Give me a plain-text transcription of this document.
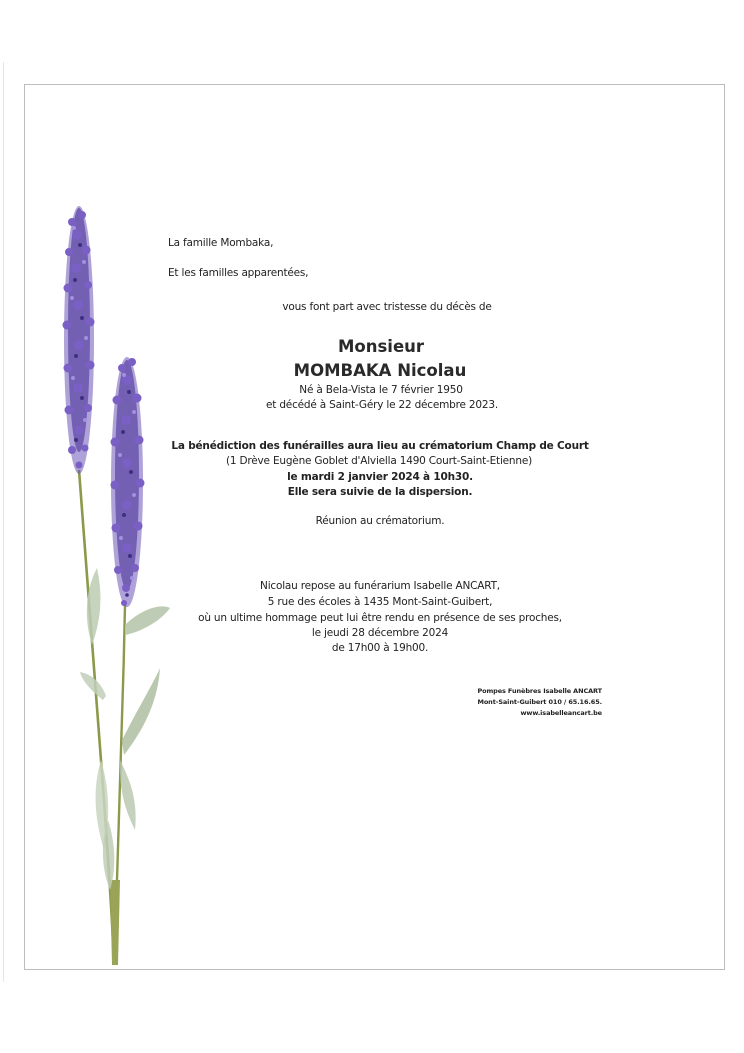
La famille Mombaka,
Et les familles apparentées,
vous font part avec tristesse du décès de
Monsieur
MOMBAKA Nicolau
Né à Bela-Vista le 7 février 1950
et décédé à Saint-Géry le 22 décembre 2023.
La bénédiction des funérailles aura lieu au crématorium Champ de Court
(1 Drève Eugène Goblet d'Alviella 1490 Court-Saint-Etienne)
le mardi 2 janvier 2024 à 10h30.
Elle sera suivie de la dispersion.
Réunion au crématorium.
Nicolau repose au funérarium Isabelle ANCART,
5 rue des écoles à 1435 Mont-Saint-Guibert,
où un ultime hommage peut lui être rendu en présence de ses proches,
le jeudi 28 décembre 2024
de 17h00 à 19h00.
Pompes Funèbres Isabelle ANCART
Mont-Saint-Guibert 010 / 65.16.65.
www.isabelleancart.be
